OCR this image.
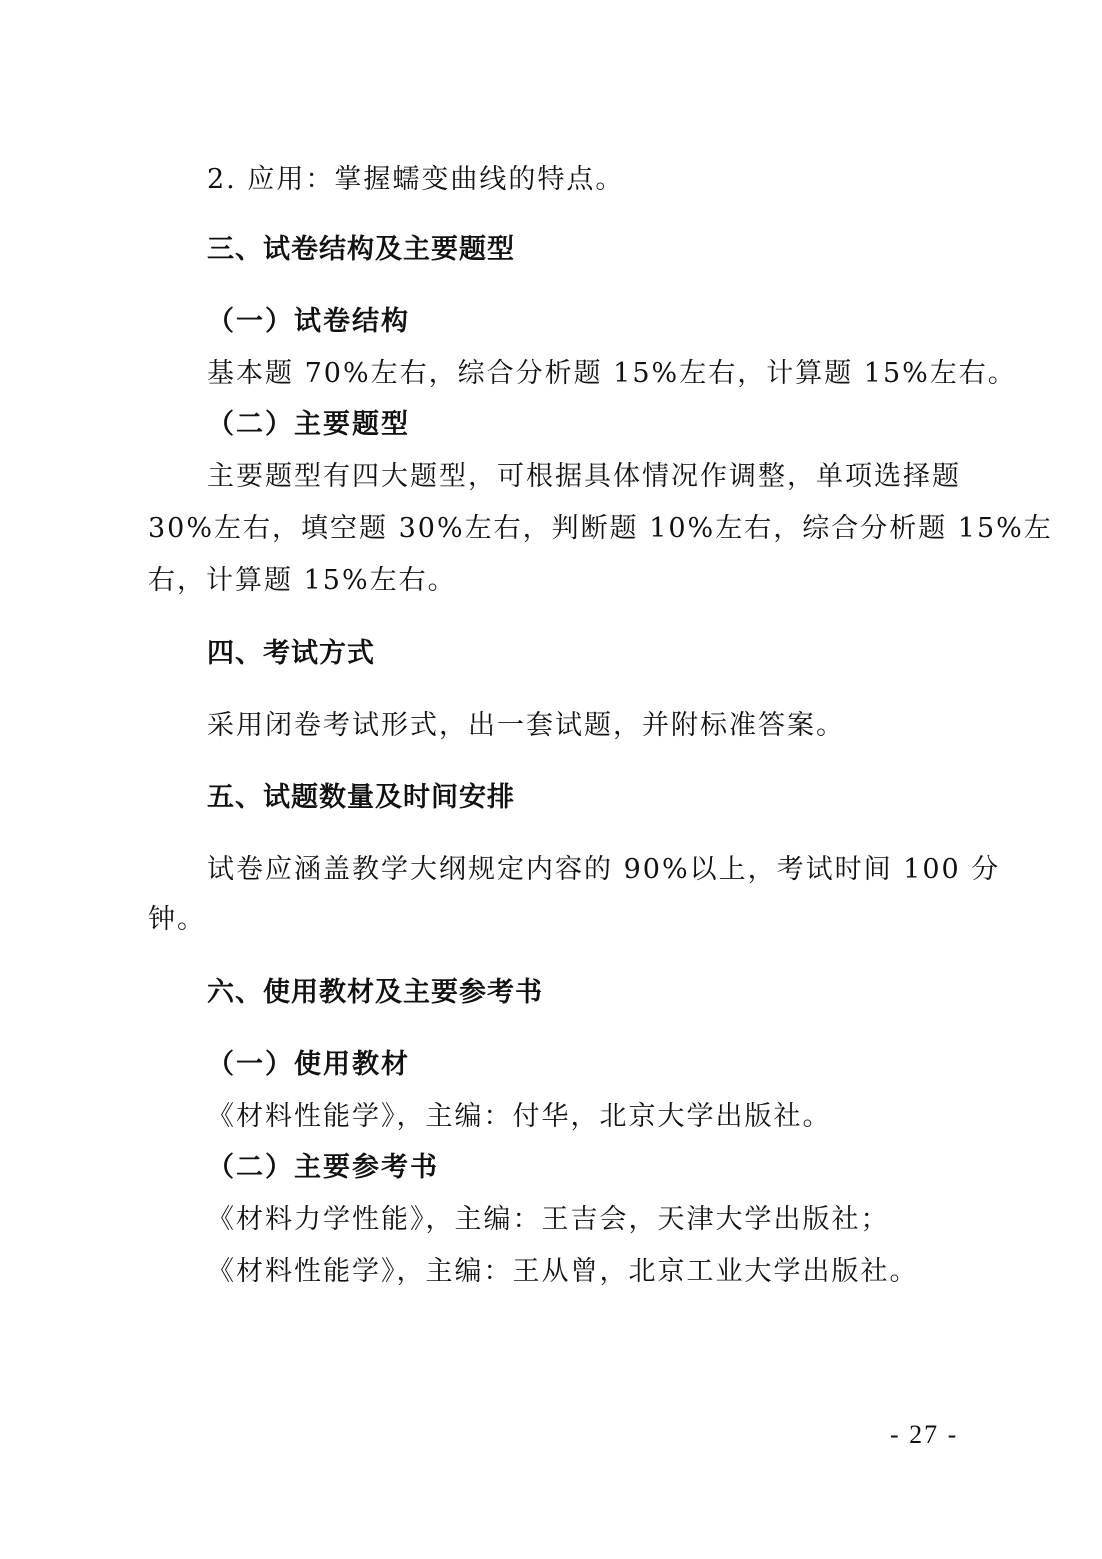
2. 应用：掌握蠕变曲线的特点。
三、试卷结构及主要题型
（一）试卷结构
基本题 70%左右，综合分析题 15%左右，计算题 15%左右。
（二）主要题型
主要题型有四大题型，可根据具体情况作调整，单项选择题
30%左右，填空题 30%左右，判断题 10%左右，综合分析题 15%左
右，计算题 15%左右。
四、考试方式
采用闭卷考试形式，出一套试题，并附标准答案。
五、试题数量及时间安排
试卷应涵盖教学大纲规定内容的 90%以上，考试时间 100 分
钟。
六、使用教材及主要参考书
（一）使用教材
《材料性能学》，主编：付华，北京大学出版社。
（二）主要参考书
《材料力学性能》，主编：王吉会，天津大学出版社；
《材料性能学》，主编：王从曾，北京工业大学出版社。
- 27 -
